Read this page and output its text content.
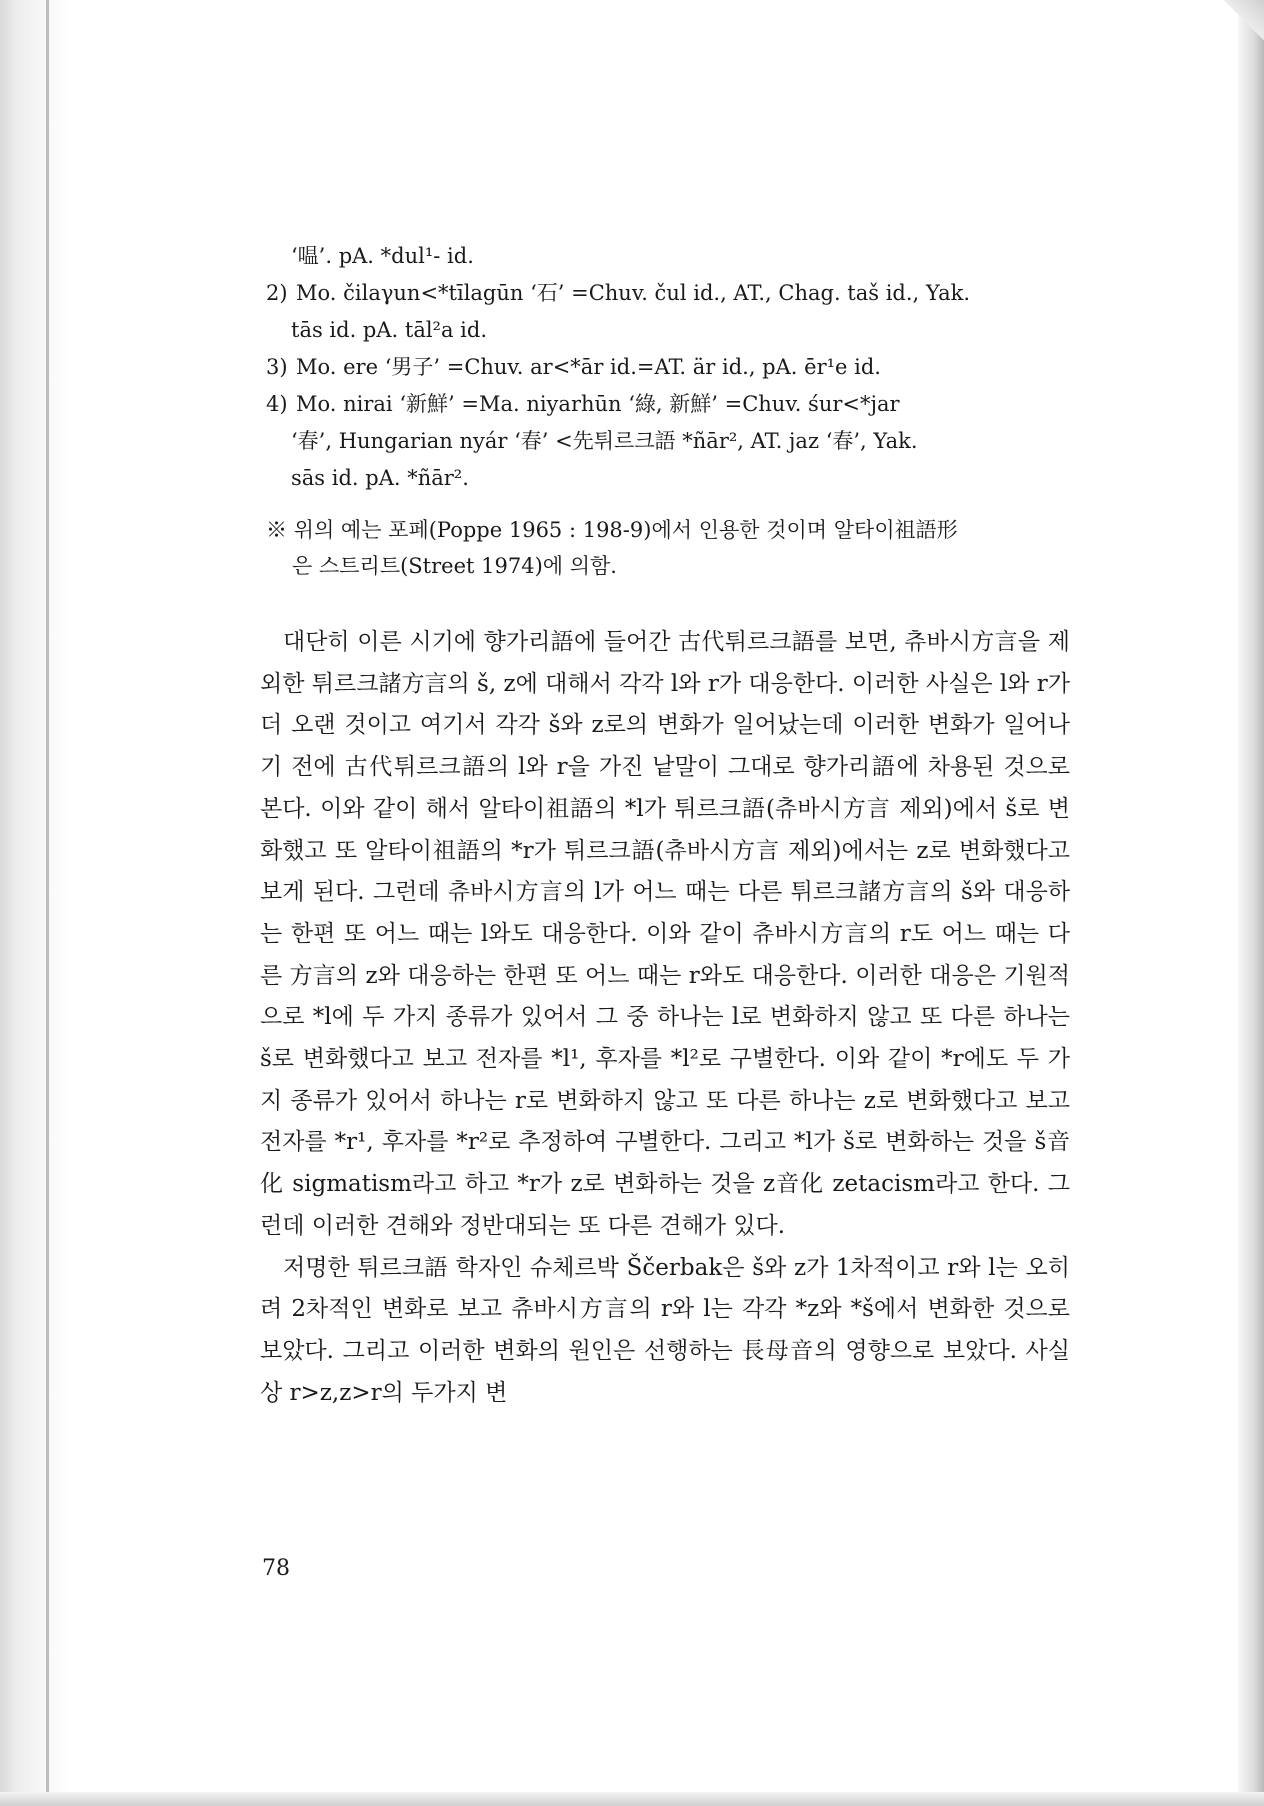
‘嗢’. pA. *dul¹- id.
2) Mo. čilaγun<*tīlagūn ‘石’ =Chuv. čul id., AT., Chag. taš id., Yak.
tās id. pA. tāl²a id.
3) Mo. ere ‘男子’ =Chuv. ar<*ār id.=AT. är id., pA. ēr¹e id.
4) Mo. nirai ‘新鮮’ =Ma. niyarhūn ‘綠, 新鮮’ =Chuv. śur<*jar
‘春’, Hungarian nyár ‘春’ <先튀르크語 *ñār², AT. jaz ‘春’, Yak.
sās id. pA. *ñār².
※ 위의 예는 포페(Poppe 1965 : 198-9)에서 인용한 것이며 알타이祖語形
은 스트리트(Street 1974)에 의함.

대단히 이른 시기에 향가리語에 들어간 古代튀르크語를 보면, 츄바시方言을 제외한 튀르크諸方言의 š, z에 대해서 각각 l와 r가 대응한다. 이러한 사실은 l와 r가 더 오랜 것이고 여기서 각각 š와 z로의 변화가 일어났는데 이러한 변화가 일어나기 전에 古代튀르크語의 l와 r을 가진 낱말이 그대로 향가리語에 차용된 것으로 본다. 이와 같이 해서 알타이祖語의 *l가 튀르크語(츄바시方言 제외)에서 š로 변화했고 또 알타이祖語의 *r가 튀르크語(츄바시方言 제외)에서는 z로 변화했다고 보게 된다. 그런데 츄바시方言의 l가 어느 때는 다른 튀르크諸方言의 š와 대응하는 한편 또 어느 때는 l와도 대응한다. 이와 같이 츄바시方言의 r도 어느 때는 다른 方言의 z와 대응하는 한편 또 어느 때는 r와도 대응한다. 이러한 대응은 기원적으로 *l에 두 가지 종류가 있어서 그 중 하나는 l로 변화하지 않고 또 다른 하나는 š로 변화했다고 보고 전자를 *l¹, 후자를 *l²로 구별한다. 이와 같이 *r에도 두 가지 종류가 있어서 하나는 r로 변화하지 않고 또 다른 하나는 z로 변화했다고 보고 전자를 *r¹, 후자를 *r²로 추정하여 구별한다. 그리고 *l가 š로 변화하는 것을 š音化 sigmatism라고 하고 *r가 z로 변화하는 것을 z音化 zetacism라고 한다. 그런데 이러한 견해와 정반대되는 또 다른 견해가 있다.

저명한 튀르크語 학자인 슈체르박 Ščerbak은 š와 z가 1차적이고 r와 l는 오히려 2차적인 변화로 보고 츄바시方言의 r와 l는 각각 *z와 *š에서 변화한 것으로 보았다. 그리고 이러한 변화의 원인은 선행하는 長母音의 영향으로 보았다. 사실상 r>z,z>r의 두가지 변

78
